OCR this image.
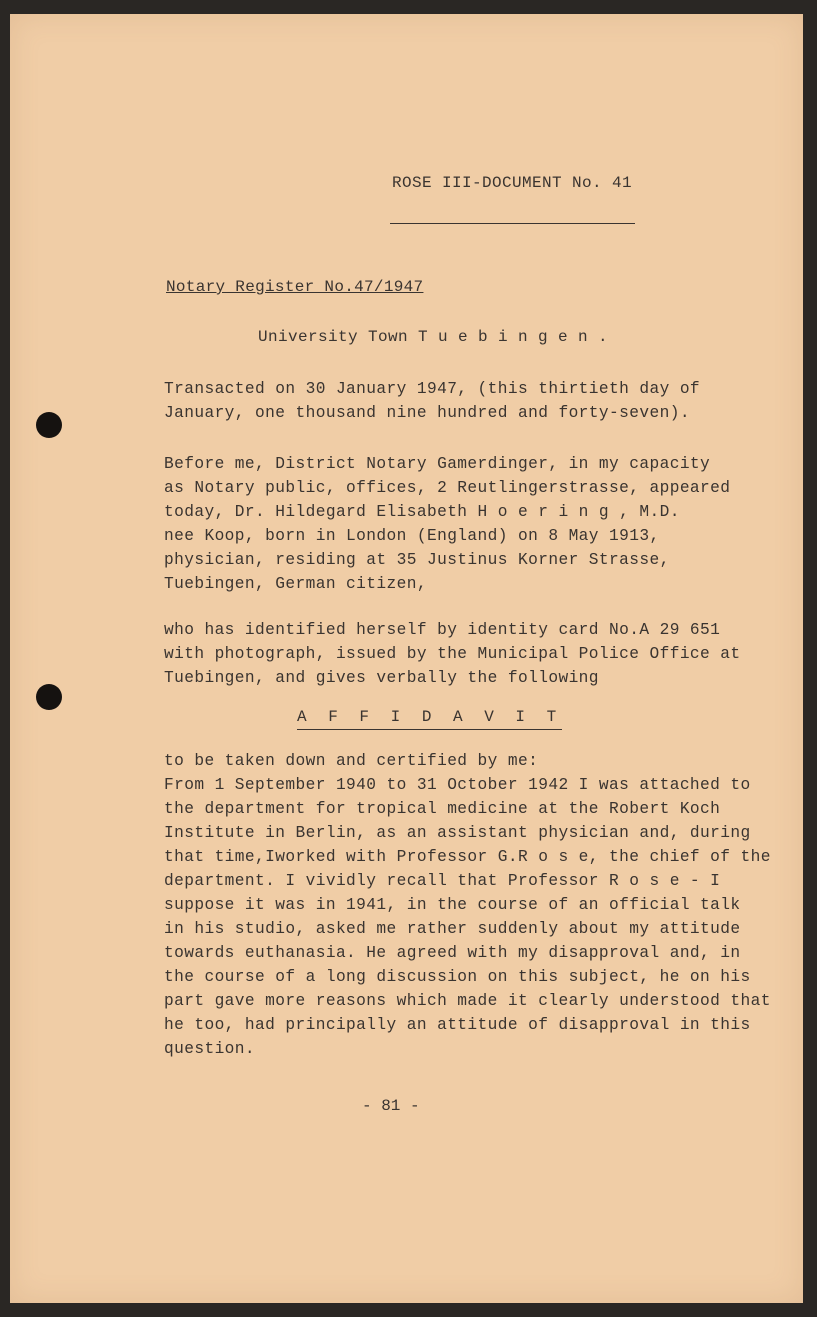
ROSE III-DOCUMENT No. 41
Notary Register No.47/1947
University Town T u e b i n g e n .
Transacted on 30 January 1947, (this thirtieth day of
January, one thousand nine hundred and forty-seven).
Before me, District Notary Gamerdinger, in my capacity
as Notary public, offices, 2 Reutlingerstrasse, appeared
today, Dr. Hildegard Elisabeth H o e r i n g , M.D.
nee Koop, born in London (England) on 8 May 1913,
physician, residing at 35 Justinus Korner Strasse,
Tuebingen, German citizen,
who has identified herself by identity card No.A 29 651
with photograph, issued by the Municipal Police Office at
Tuebingen, and gives verbally the following
A F F I D A V I T
to be taken down and certified by me:
From 1 September 1940 to 31 October 1942 I was attached to
the department for tropical medicine at the Robert Koch
Institute in Berlin, as an assistant physician and, during
that time,Iworked with Professor G.R o s e, the chief of the
department. I vividly recall that Professor R o s e - I
suppose it was in 1941, in the course of an official talk
in his studio, asked me rather suddenly about my attitude
towards euthanasia. He agreed with my disapproval and, in
the course of a long discussion on this subject, he on his
part gave more reasons which made it clearly understood that
he too, had principally an attitude of disapproval in this
question.
- 81 -
